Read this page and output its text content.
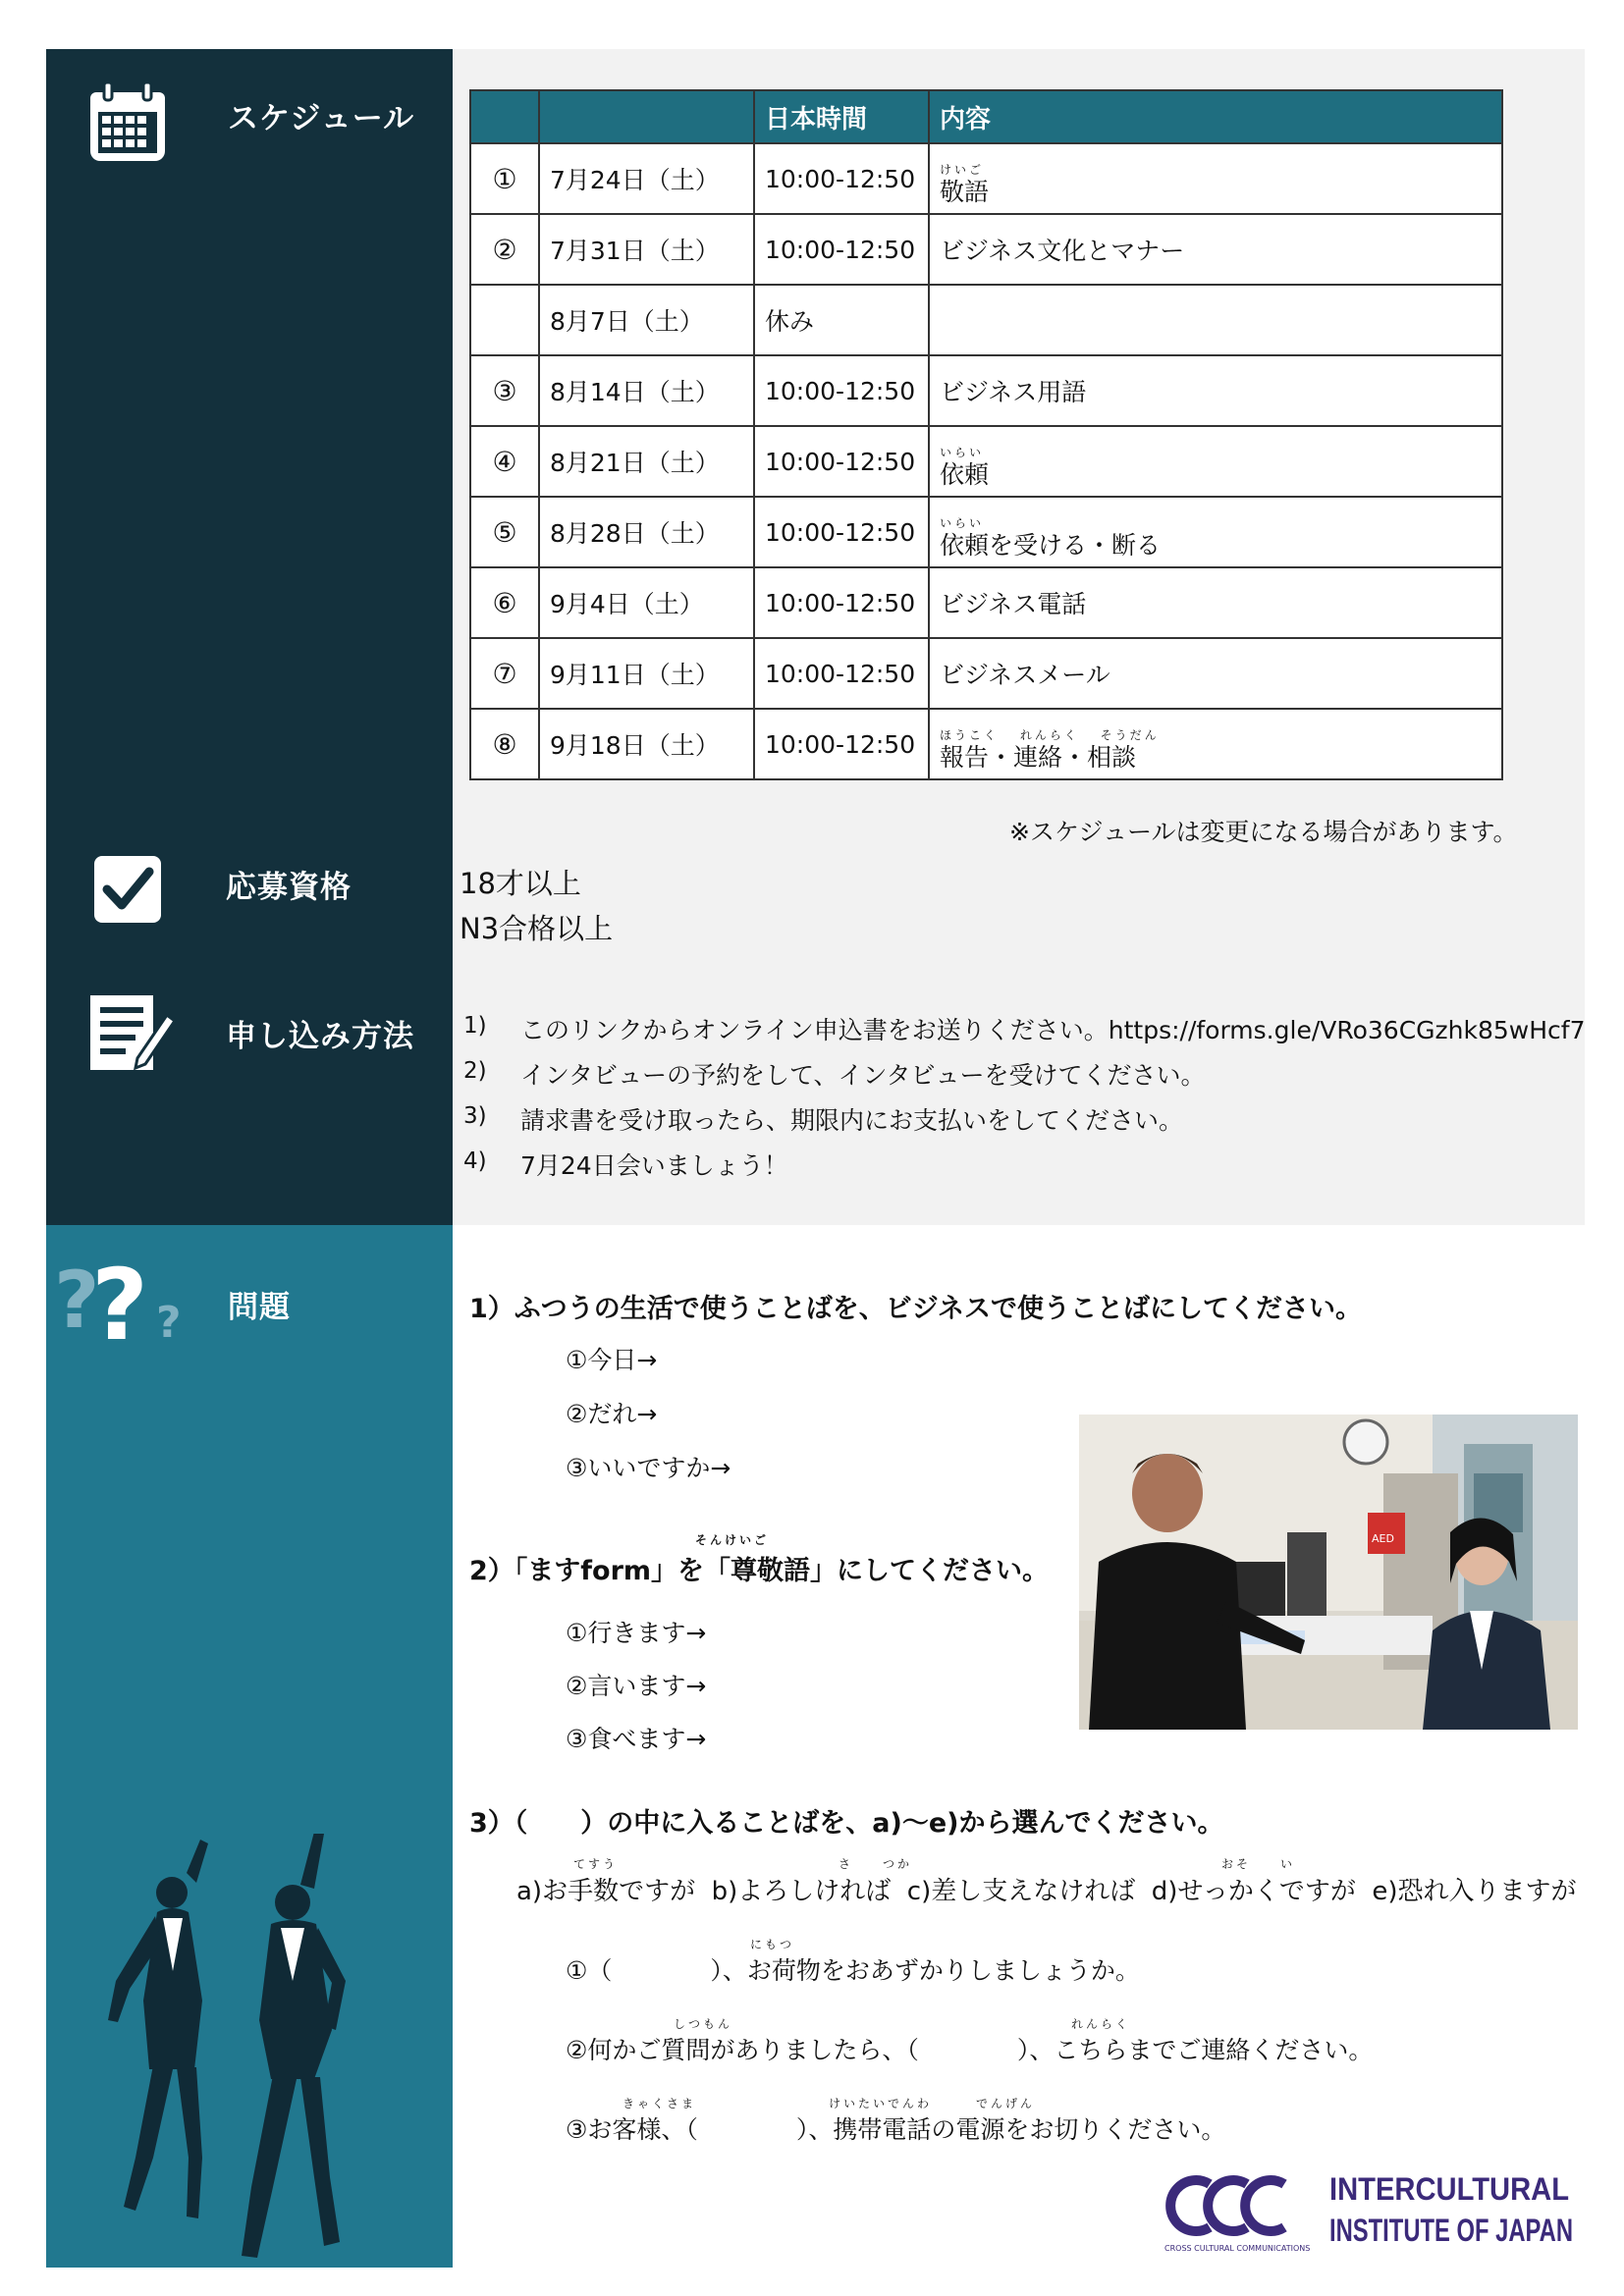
スケジュール
応募資格
申し込み方法
?
? ? 問題
		日本時間	内容
①	7月24日（土）	10:00-12:50	けいご
敬語

②	7月31日（土）	10:00-12:50	ビジネス文化とマナー
	8月7日（土）	休み	
③	8月14日（土）	10:00-12:50	ビジネス用語
④	8月21日（土）	10:00-12:50	いらい
依頼

⑤	8月28日（土）	10:00-12:50	いらい
依頼を受ける・断る

⑥	9月4日（土）	10:00-12:50	ビジネス電話
⑦	9月11日（土）	10:00-12:50	ビジネスメール
⑧	9月18日（土）	10:00-12:50	ほうこく　 れんらく　 そうだん
報告・連絡・相談
※スケジュールは変更になる場合があります。
18才以上
N3合格以上
1) このリンクからオンライン申込書をお送りください。https://forms.gle/VRo36CGzhk85wHcf7
2) インタビューの予約をして、インタビューを受けてください。
3) 請求書を受け取ったら、期限内にお支払いをしてください。
4) 7月24日会いましょう！
1）ふつうの生活で使うことばを、ビジネスで使うことばにしてください。
①今日→
②だれ→
③いいですか→
AED
そんけいご
2）「ますform」を「尊敬語」にしてください。
①行きます→
②言います→
③食べます→
3）（　　）の中に入ることばを、a)～e)から選んでください。
てすう　　　　　　　　　　　　　　　さ　　つか　　　　　　　　　　　　　　　　　　　　　おそ　　い
a)お手数ですが  b)よろしければ  c)差し支えなければ  d)せっかくですが  e)恐れ入りますが
にもつ
①（　　　　）、お荷物をおあずかりしましょうか。
しつもん　　　　　　　　　　　　　　　　　　　　　　　れんらく
②何かご質問がありましたら、（　　　　）、こちらまでご連絡ください。
きゃくさま　　　　　　　　　けいたいでんわ　　　でんげん
③お客様、（　　　　）、携帯電話の電源をお切りください。
CROSS CULTURAL COMMUNICATIONS
INTERCULTURAL
INSTITUTE OF JAPAN
